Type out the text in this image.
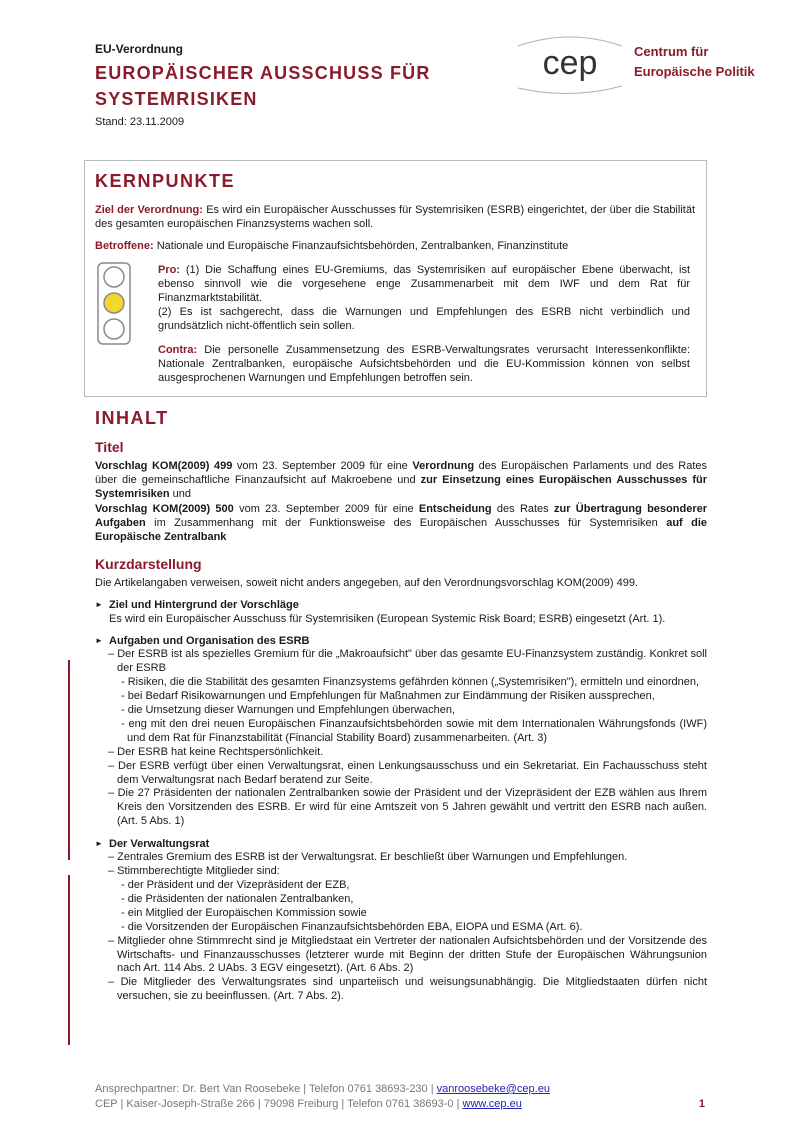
EU-Verordnung

EUROPÄISCHER AUSSCHUSS FÜR
SYSTEMRISIKEN
Stand: 23.11.2009
cep	Centrum für
Europäische Politik
KERNPUNKTE
Ziel der Verordnung: Es wird ein Europäischer Ausschusses für Systemrisiken (ESRB) eingerichtet, der über die Stabilität des gesamten europäischen Finanzsystems wachen soll.
Betroffene: Nationale und Europäische Finanzaufsichtsbehörden, Zentralbanken, Finanzinstitute
Pro: (1) Die Schaffung eines EU-Gremiums, das Systemrisiken auf europäischer Ebene überwacht, ist ebenso sinnvoll wie die vorgesehene enge Zusammenarbeit mit dem IWF und dem Rat für Finanzmarktstabilität.
(2) Es ist sachgerecht, dass die Warnungen und Empfehlungen des ESRB nicht verbindlich und grundsätzlich nicht-öffentlich sein sollen.
Contra: Die personelle Zusammensetzung des ESRB-Verwaltungsrates verursacht Interessenkonflikte: Nationale Zentralbanken, europäische Aufsichtsbehörden und die EU-Kommission können von selbst ausgesprochenen Warnungen und Empfehlungen betroffen sein.
INHALT
Titel

Vorschlag KOM(2009) 499 vom 23. September 2009 für eine Verordnung des Europäischen Parlaments und des Rates über die gemeinschaftliche Finanzaufsicht auf Makroebene und zur Einsetzung eines Europäischen Ausschusses für Systemrisiken und

Vorschlag KOM(2009) 500 vom 23. September 2009 für eine Entscheidung des Rates zur Übertragung besonderer Aufgaben im Zusammenhang mit der Funktionsweise des Europäischen Ausschusses für Systemrisiken auf die Europäische Zentralbank

Kurzdarstellung

Die Artikelangaben verweisen, soweit nicht anders angegeben, auf den Verordnungsvorschlag KOM(2009) 499.

► Ziel und Hintergrund der Vorschläge
Es wird ein Europäischer Ausschuss für Systemrisiken (European Systemic Risk Board; ESRB) eingesetzt (Art. 1).
► Aufgaben und Organisation des ESRB
– Der ESRB ist als spezielles Gremium für die „Makroaufsicht" über das gesamte EU-Finanzsystem zuständig. Konkret soll der ESRB
- Risiken, die die Stabilität des gesamten Finanzsystems gefährden können („Systemrisiken"), ermitteln und einordnen,
- bei Bedarf Risikowarnungen und Empfehlungen für Maßnahmen zur Eindämmung der Risiken aussprechen,
- die Umsetzung dieser Warnungen und Empfehlungen überwachen,
- eng mit den drei neuen Europäischen Finanzaufsichtsbehörden sowie mit dem Internationalen Währungsfonds (IWF) und dem Rat für Finanzstabilität (Financial Stability Board) zusammenarbeiten. (Art. 3)
– Der ESRB hat keine Rechtspersönlichkeit.
– Der ESRB verfügt über einen Verwaltungsrat, einen Lenkungsausschuss und ein Sekretariat. Ein Fachausschuss steht dem Verwaltungsrat nach Bedarf beratend zur Seite.
– Die 27 Präsidenten der nationalen Zentralbanken sowie der Präsident und der Vizepräsident der EZB wählen aus Ihrem Kreis den Vorsitzenden des ESRB. Er wird für eine Amtszeit von 5 Jahren gewählt und vertritt den ESRB nach außen. (Art. 5 Abs. 1)
► Der Verwaltungsrat
– Zentrales Gremium des ESRB ist der Verwaltungsrat. Er beschließt über Warnungen und Empfehlungen.
– Stimmberechtigte Mitglieder sind:
- der Präsident und der Vizepräsident der EZB,
- die Präsidenten der nationalen Zentralbanken,
- ein Mitglied der Europäischen Kommission sowie
- die Vorsitzenden der Europäischen Finanzaufsichtsbehörden EBA, EIOPA und ESMA (Art. 6).
– Mitglieder ohne Stimmrecht sind je Mitgliedstaat ein Vertreter der nationalen Aufsichtsbehörden und der Vorsitzende des Wirtschafts- und Finanzausschusses (letzterer wurde mit Beginn der dritten Stufe der Europäischen Währungsunion nach Art. 114 Abs. 2 UAbs. 3 EGV eingesetzt). (Art. 6 Abs. 2)
– Die Mitglieder des Verwaltungsrates sind unparteiisch und weisungsunabhängig. Die Mitgliedstaaten dürfen nicht versuchen, sie zu beeinflussen. (Art. 7 Abs. 2).
Ansprechpartner: Dr. Bert Van Roosebeke | Telefon 0761 38693-230 | vanroosebeke@cep.eu
CEP | Kaiser-Joseph-Straße 266 | 79098 Freiburg | Telefon 0761 38693-0 | www.cep.eu	1
